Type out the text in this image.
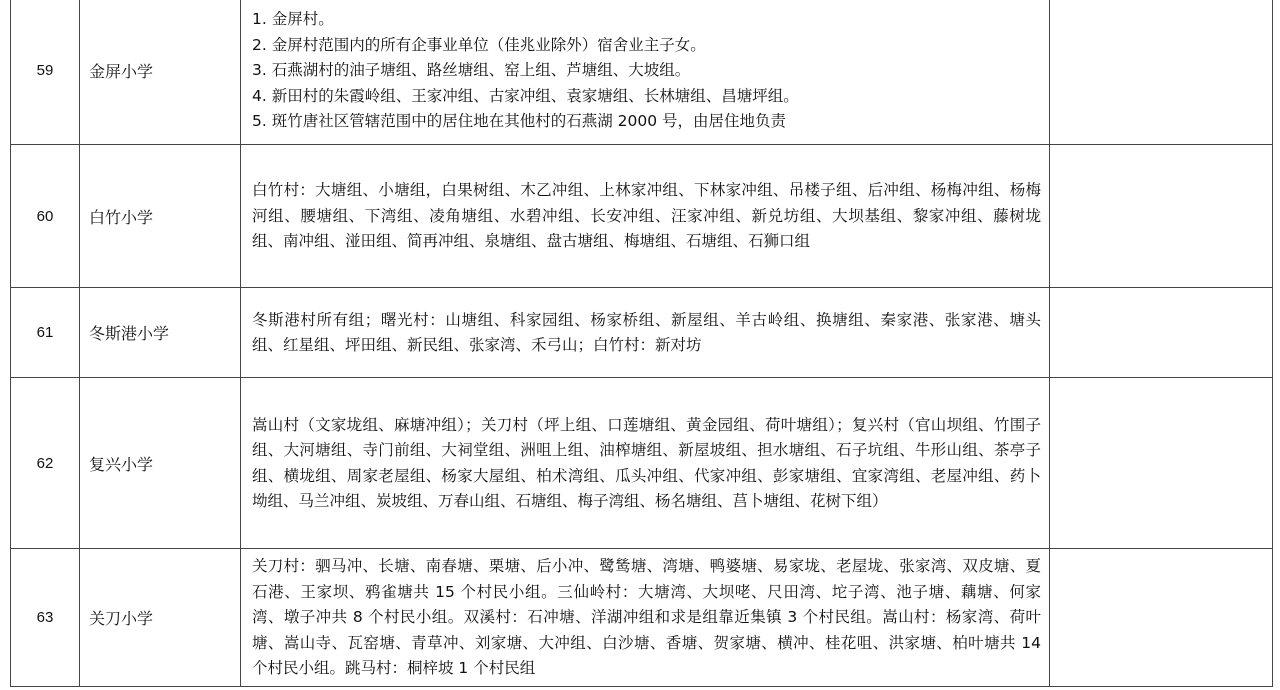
59	金屏小学	1. 金屏村。
2. 金屏村范围内的所有企事业单位（佳兆业除外）宿舍业主子女。
3. 石燕湖村的油子塘组、路丝塘组、窑上组、芦塘组、大坡组。
4. 新田村的朱霞岭组、王家冲组、古家冲组、袁家塘组、长林塘组、昌塘坪组。
5. 斑竹唐社区管辖范围中的居住地在其他村的石燕湖 2000 号，由居住地负责	

60	白竹小学	白竹村：大塘组、小塘组，白果树组、木乙冲组、上林家冲组、下林家冲组、吊楼子组、后冲组、杨梅冲组、杨梅河组、腰塘组、下湾组、凌角塘组、水碧冲组、长安冲组、汪家冲组、新兑坊组、大坝基组、黎家冲组、藤树垅组、南冲组、湴田组、简再冲组、泉塘组、盘古塘组、梅塘组、石塘组、石狮口组	

61	冬斯港小学	冬斯港村所有组；曙光村：山塘组、科家园组、杨家桥组、新屋组、羊古岭组、换塘组、秦家港、张家港、塘头组、红星组、坪田组、新民组、张家湾、禾弓山；白竹村：新对坊	

62	复兴小学	嵩山村（文家垅组、麻塘冲组）；关刀村（坪上组、口莲塘组、黄金园组、荷叶塘组）；复兴村（官山坝组、竹围子组、大河塘组、寺门前组、大祠堂组、洲咀上组、油榨塘组、新屋坡组、担水塘组、石子坑组、牛形山组、茶亭子组、横垅组、周家老屋组、杨家大屋组、柏术湾组、瓜头冲组、代家冲组、彭家塘组、宜家湾组、老屋冲组、药卜坳组、马兰冲组、炭坡组、万春山组、石塘组、梅子湾组、杨名塘组、莒卜塘组、花树下组）	

63	关刀小学	关刀村：驷马冲、长塘、南春塘、栗塘、后小冲、鹭鸶塘、湾塘、鸭婆塘、易家垅、老屋垅、张家湾、双皮塘、夏石港、王家坝、鸦雀塘共 15 个村民小组。三仙岭村：大塘湾、大坝咾、尺田湾、坨子湾、池子塘、藕塘、何家湾、墩子冲共 8 个村民小组。双溪村：石冲塘、洋湖冲组和求是组靠近集镇 3 个村民组。嵩山村：杨家湾、荷叶塘、嵩山寺、瓦窑塘、青草冲、刘家塘、大冲组、白沙塘、香塘、贺家塘、横冲、桂花咀、洪家塘、柏叶塘共 14 个村民小组。跳马村：桐梓坡 1 个村民组	
